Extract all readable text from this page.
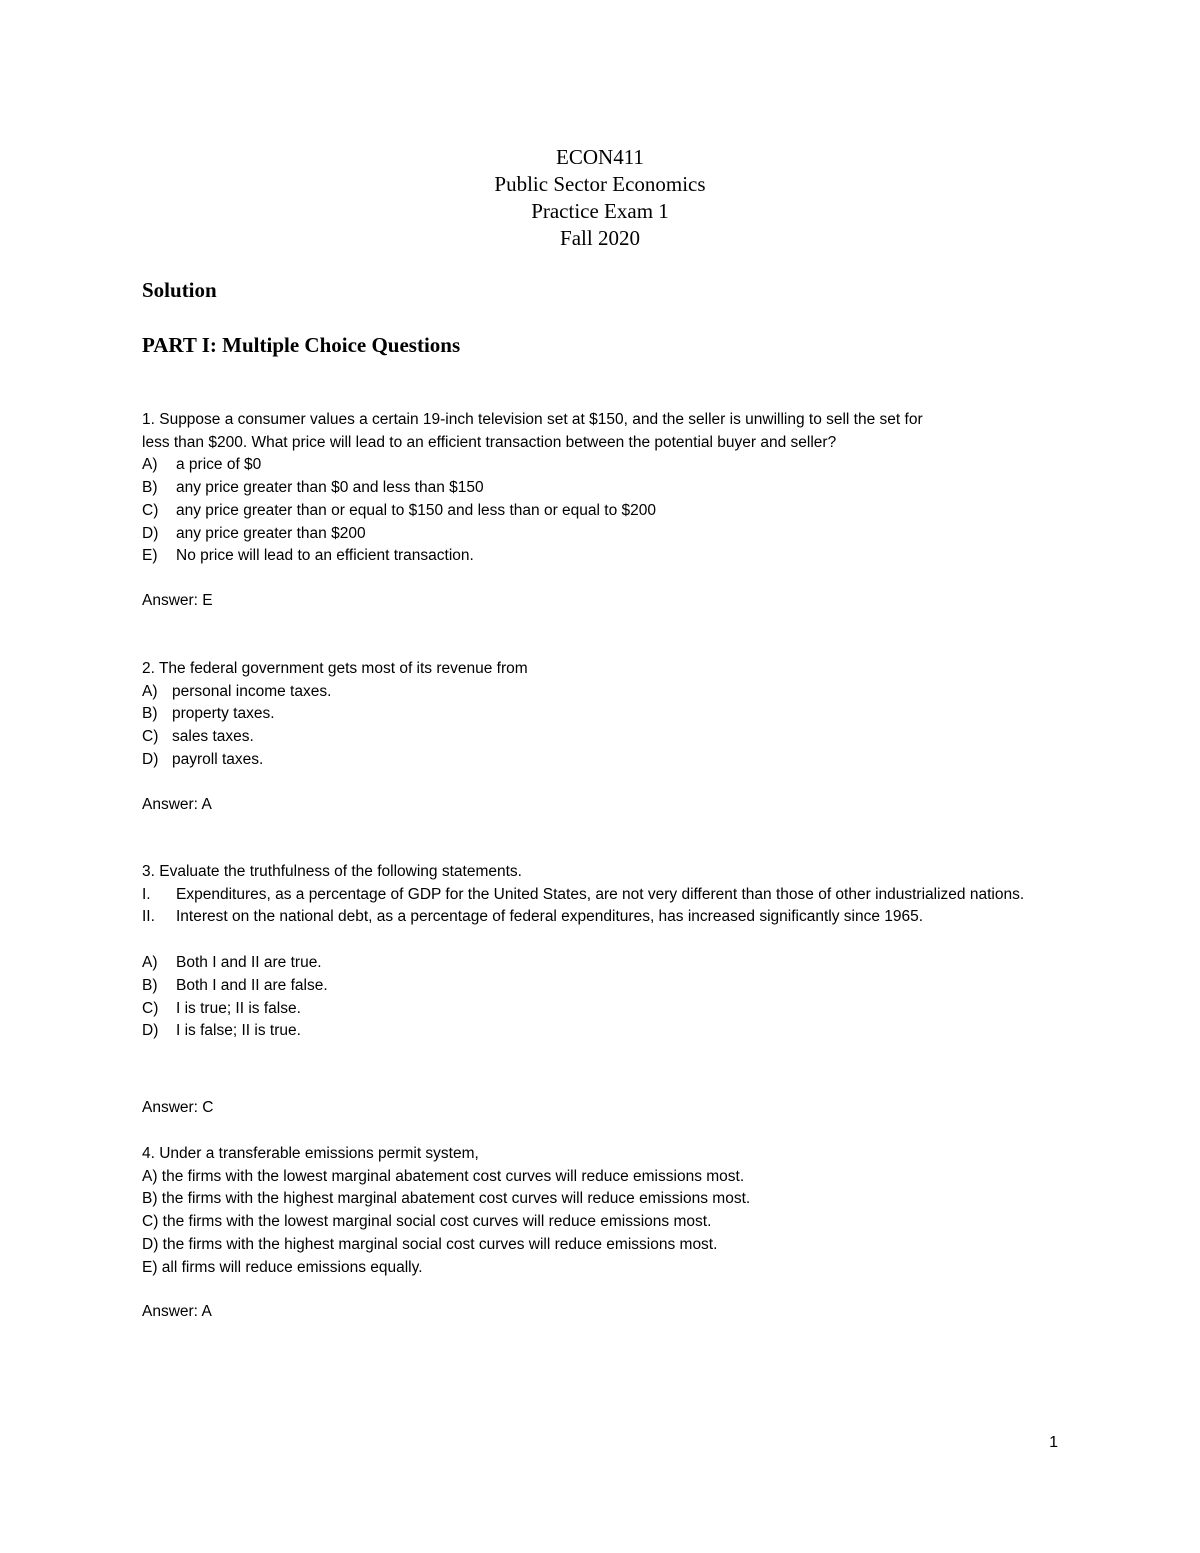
ECON411
Public Sector Economics
Practice Exam 1
Fall 2020
Solution
PART I: Multiple Choice Questions
1. Suppose a consumer values a certain 19-inch television set at $150, and the seller is unwilling to sell the set for
less than $200. What price will lead to an efficient transaction between the potential buyer and seller?
A)	a price of $0
B)	any price greater than $0 and less than $150
C)	any price greater than or equal to $150 and less than or equal to $200
D)	any price greater than $200
E)	No price will lead to an efficient transaction.
Answer: E
2. The federal government gets most of its revenue from
A) personal income taxes.
B) property taxes.
C) sales taxes.
D) payroll taxes.
Answer: A
3. Evaluate the truthfulness of the following statements.
I.	Expenditures, as a percentage of GDP for the United States, are not very different than those of other industrialized nations.
II.	Interest on the national debt, as a percentage of federal expenditures, has increased significantly since 1965.
A)	Both I and II are true.
B)	Both I and II are false.
C)	I is true; II is false.
D)	I is false; II is true.
Answer: C
4. Under a transferable emissions permit system,
A) the firms with the lowest marginal abatement cost curves will reduce emissions most.
B) the firms with the highest marginal abatement cost curves will reduce emissions most.
C) the firms with the lowest marginal social cost curves will reduce emissions most.
D) the firms with the highest marginal social cost curves will reduce emissions most.
E) all firms will reduce emissions equally.
Answer: A
1
